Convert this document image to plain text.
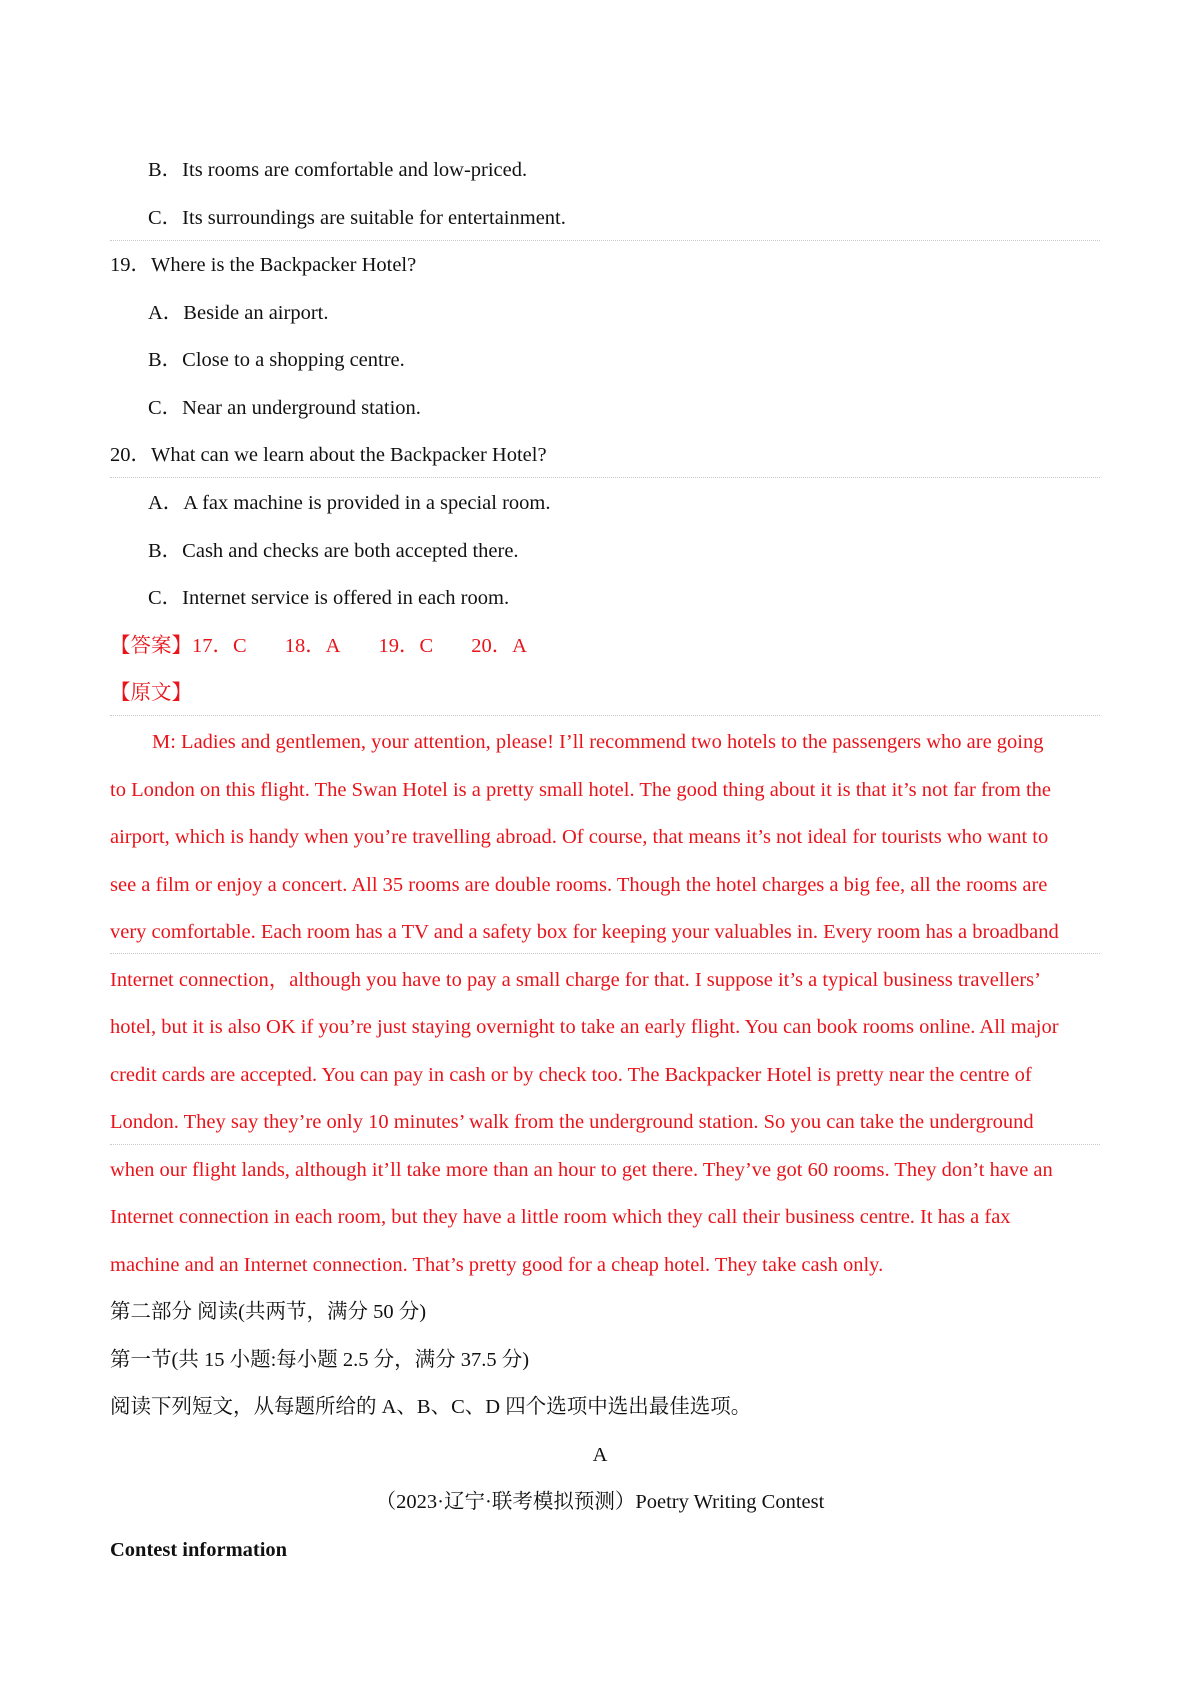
B．Its rooms are comfortable and low-priced.
C．Its surroundings are suitable for entertainment.
19．Where is the Backpacker Hotel?
A．Beside an airport.
B．Close to a shopping centre.
C．Near an underground station.
20．What can we learn about the Backpacker Hotel?
A．A fax machine is provided in a special room.
B．Cash and checks are both accepted there.
C．Internet service is offered in each room.
【答案】17．C 18．A 19．C 20．A
【原文】
M: Ladies and gentlemen, your attention, please! I’ll recommend two hotels to the passengers who are going
to London on this flight. The Swan Hotel is a pretty small hotel. The good thing about it is that it’s not far from the
airport, which is handy when you’re travelling abroad. Of course, that means it’s not ideal for tourists who want to
see a film or enjoy a concert. All 35 rooms are double rooms. Though the hotel charges a big fee, all the rooms are
very comfortable. Each room has a TV and a safety box for keeping your valuables in. Every room has a broadband
Internet connection，although you have to pay a small charge for that. I suppose it’s a typical business travellers’
hotel, but it is also OK if you’re just staying overnight to take an early flight. You can book rooms online. All major
credit cards are accepted. You can pay in cash or by check too. The Backpacker Hotel is pretty near the centre of
London. They say they’re only 10 minutes’ walk from the underground station. So you can take the underground
when our flight lands, although it’ll take more than an hour to get there. They’ve got 60 rooms. They don’t have an
Internet connection in each room, but they have a little room which they call their business centre. It has a fax
machine and an Internet connection. That’s pretty good for a cheap hotel. They take cash only.
第二部分 阅读(共两节，满分 50 分)
第一节(共 15 小题:每小题 2.5 分，满分 37.5 分)
阅读下列短文，从每题所给的 A、B、C、D 四个选项中选出最佳选项。
A
（2023·辽宁·联考模拟预测）Poetry Writing Contest
Contest information
